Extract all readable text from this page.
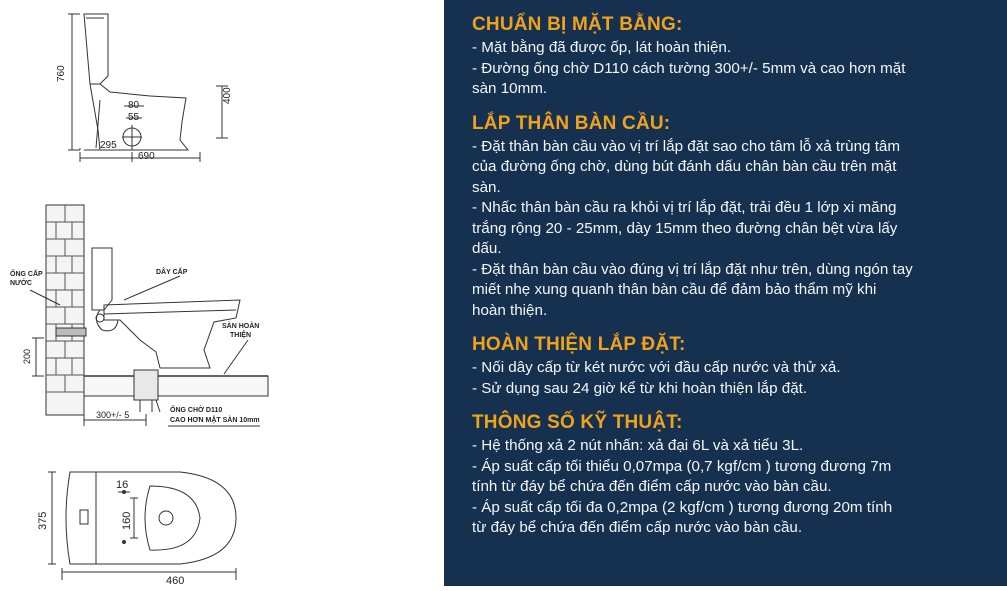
760
400
80
55
295
690
ỐNG CẤP
NƯỚC
DÂY CẤP
SÀN HOÀN
THIỆN
ỐNG CHỜ D110
CAO HƠN MẶT SÀN 10mm
200
300+/- 5
16
160
375
460
CHUẨN BỊ MẶT BẰNG:

- Mặt bằng đã được ốp, lát hoàn thiện.

- Đường ống chờ D110 cách tường 300+/- 5mm và cao hơn mặt

sàn 10mm.

LẮP THÂN BÀN CẦU:

- Đặt thân bàn cầu vào vị trí lắp đặt sao cho tâm lỗ xả trùng tâm

của đường ống chờ, dùng bút đánh dấu chân bàn cầu trên mặt

sàn.

- Nhấc thân bàn cầu ra khỏi vị trí lắp đặt, trải đều 1 lớp xi măng

trắng rộng 20 - 25mm, dày 15mm theo đường chân bệt vừa lấy

dấu.

- Đặt thân bàn cầu vào đúng vị trí lắp đặt như trên, dùng ngón tay

miết nhẹ xung quanh thân bàn cầu để đảm bảo thẩm mỹ khi

hoàn thiện.

HOÀN THIỆN LẮP ĐẶT:

- Nối dây cấp từ két nước với đầu cấp nước và thử xả.

- Sử dụng sau 24 giờ kể từ khi hoàn thiện lắp đặt.

THÔNG SỐ KỸ THUẬT:

- Hệ thống xả 2 nút nhấn: xả đại 6L và xả tiểu 3L.

- Áp suất cấp tối thiểu 0,07mpa (0,7 kgf/cm ) tương đương 7m

tính từ đáy bể chứa đến điểm cấp nước vào bàn cầu.

- Áp suất cấp tối đa 0,2mpa (2 kgf/cm ) tương đương 20m tính

từ đáy bể chứa đến điểm cấp nước vào bàn cầu.
